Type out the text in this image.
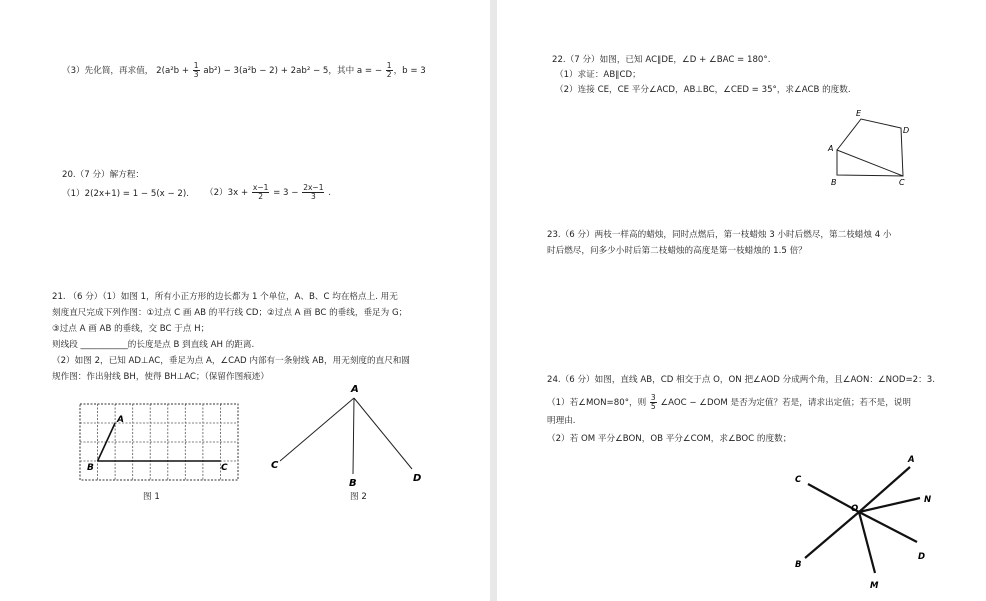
（3）先化简，再求值， $2(a^2b + \frac{1}{3} ab^2) - 3(a^2b - 2) + 2ab^2 - 5$，其中 a = − $\frac{1}{2}$ ，b = 3
20.（7 分）解方程：
（1）2(2x+1) = 1 − 5(x − 2). $(2)3x + \frac{x-1}{2} = 3 - \frac{2x-1}{3}$ .
21. （6 分）（1）如图 1，所有小正方形的边长都为 1 个单位，A、B、C 均在格点上. 用无
刻度直尺完成下列作图：①过点 C 画 AB 的平行线 CD；②过点 A 画 BC 的垂线，垂足为 G；
③过点 A 画 AB 的垂线，交 BC 于点 H；
则线段 ___________的长度是点 B 到直线 AH 的距离.
（2）如图 2，已知 AD⊥AC，垂足为点 A，∠CAD 内部有一条射线 AB，用无刻度的直尺和圆
规作图：作出射线 BH，使得 BH⊥AC；（保留作图痕迹）
A
B	C
图 1
A
C
B	D
图 2
22.（7 分）如图，已知 AC∥DE，∠D + ∠BAC = 180°.
（1）求证：AB∥CD；
（2）连接 CE，CE 平分∠ACD，AB⊥BC，∠CED = 35°，求∠ACB 的度数.
E
D
A
B	C
23.（6 分）两枝一样高的蜡烛，同时点燃后，第一枝蜡烛 3 小时后燃尽，第二枝蜡烛 4 小
时后燃尽，问多少小时后第二枝蜡烛的高度是第一枝蜡烛的 1.5 倍？
24.（6 分）如图，直线 AB，CD 相交于点 O，ON 把∠AOD 分成两个角，且∠AON：∠NOD=2：3.
（1）若∠MON=80°，则 $\frac{3}{5}$ ∠AOC − ∠DOM 是否为定值？若是，请求出定值；若不是，说明
明理由.
（2）若 OM 平分∠BON，OB 平分∠COM，求∠BOC 的度数；
A
C
N
O
D
B
M
